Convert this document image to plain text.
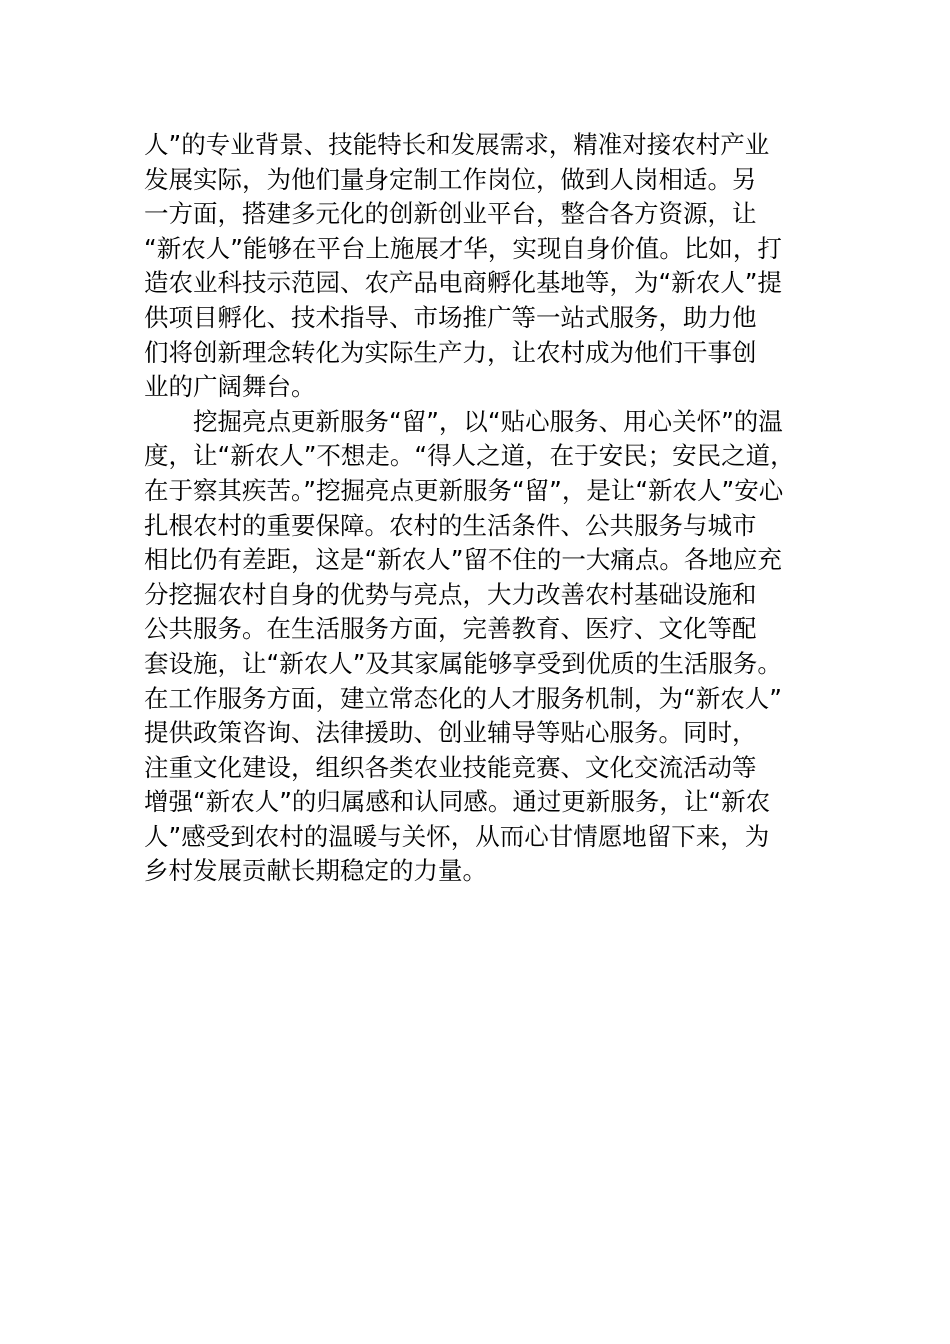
人”的专业背景、技能特长和发展需求，精准对接农村产业
发展实际，为他们量身定制工作岗位，做到人岗相适。另
一方面，搭建多元化的创新创业平台，整合各方资源，让
“新农人”能够在平台上施展才华，实现自身价值。比如，打
造农业科技示范园、农产品电商孵化基地等，为“新农人”提
供项目孵化、技术指导、市场推广等一站式服务，助力他
们将创新理念转化为实际生产力，让农村成为他们干事创
业的广阔舞台。
挖掘亮点更新服务“留”，以“贴心服务、用心关怀”的温
度，让“新农人”不想走。“得人之道，在于安民；安民之道，
在于察其疾苦。”挖掘亮点更新服务“留”，是让“新农人”安心
扎根农村的重要保障。农村的生活条件、公共服务与城市
相比仍有差距，这是“新农人”留不住的一大痛点。各地应充
分挖掘农村自身的优势与亮点，大力改善农村基础设施和
公共服务。在生活服务方面，完善教育、医疗、文化等配
套设施，让“新农人”及其家属能够享受到优质的生活服务。
在工作服务方面，建立常态化的人才服务机制，为“新农人”
提供政策咨询、法律援助、创业辅导等贴心服务。同时，
注重文化建设，组织各类农业技能竞赛、文化交流活动等
增强“新农人”的归属感和认同感。通过更新服务，让“新农
人”感受到农村的温暖与关怀，从而心甘情愿地留下来，为
乡村发展贡献长期稳定的力量。
